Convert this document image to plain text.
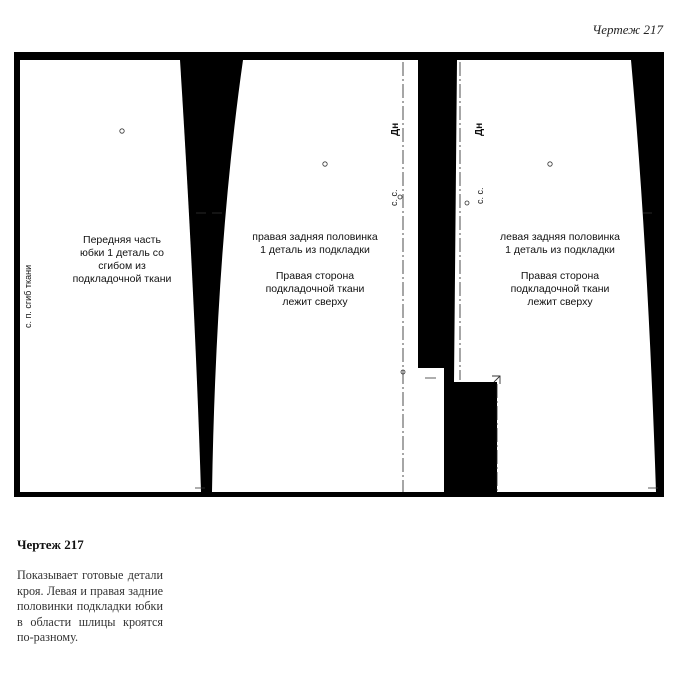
Чертеж 217
Передняя часть
юбки 1 деталь со
сгибом из
подкладочной ткани
с. п. сгиб ткани
правая задняя половинка
1 деталь из подкладки
Правая сторона
подкладочной ткани
лежит сверху
Дн
с. с.
левая задняя половинка
1 деталь из подкладки
Правая сторона
подкладочной ткани
лежит сверху
Дн
с. с.
Чертеж 217
Показывает готовые детали кроя. Левая и правая задние половинки подкладки юбки в области шлицы кроятся по-разному.
